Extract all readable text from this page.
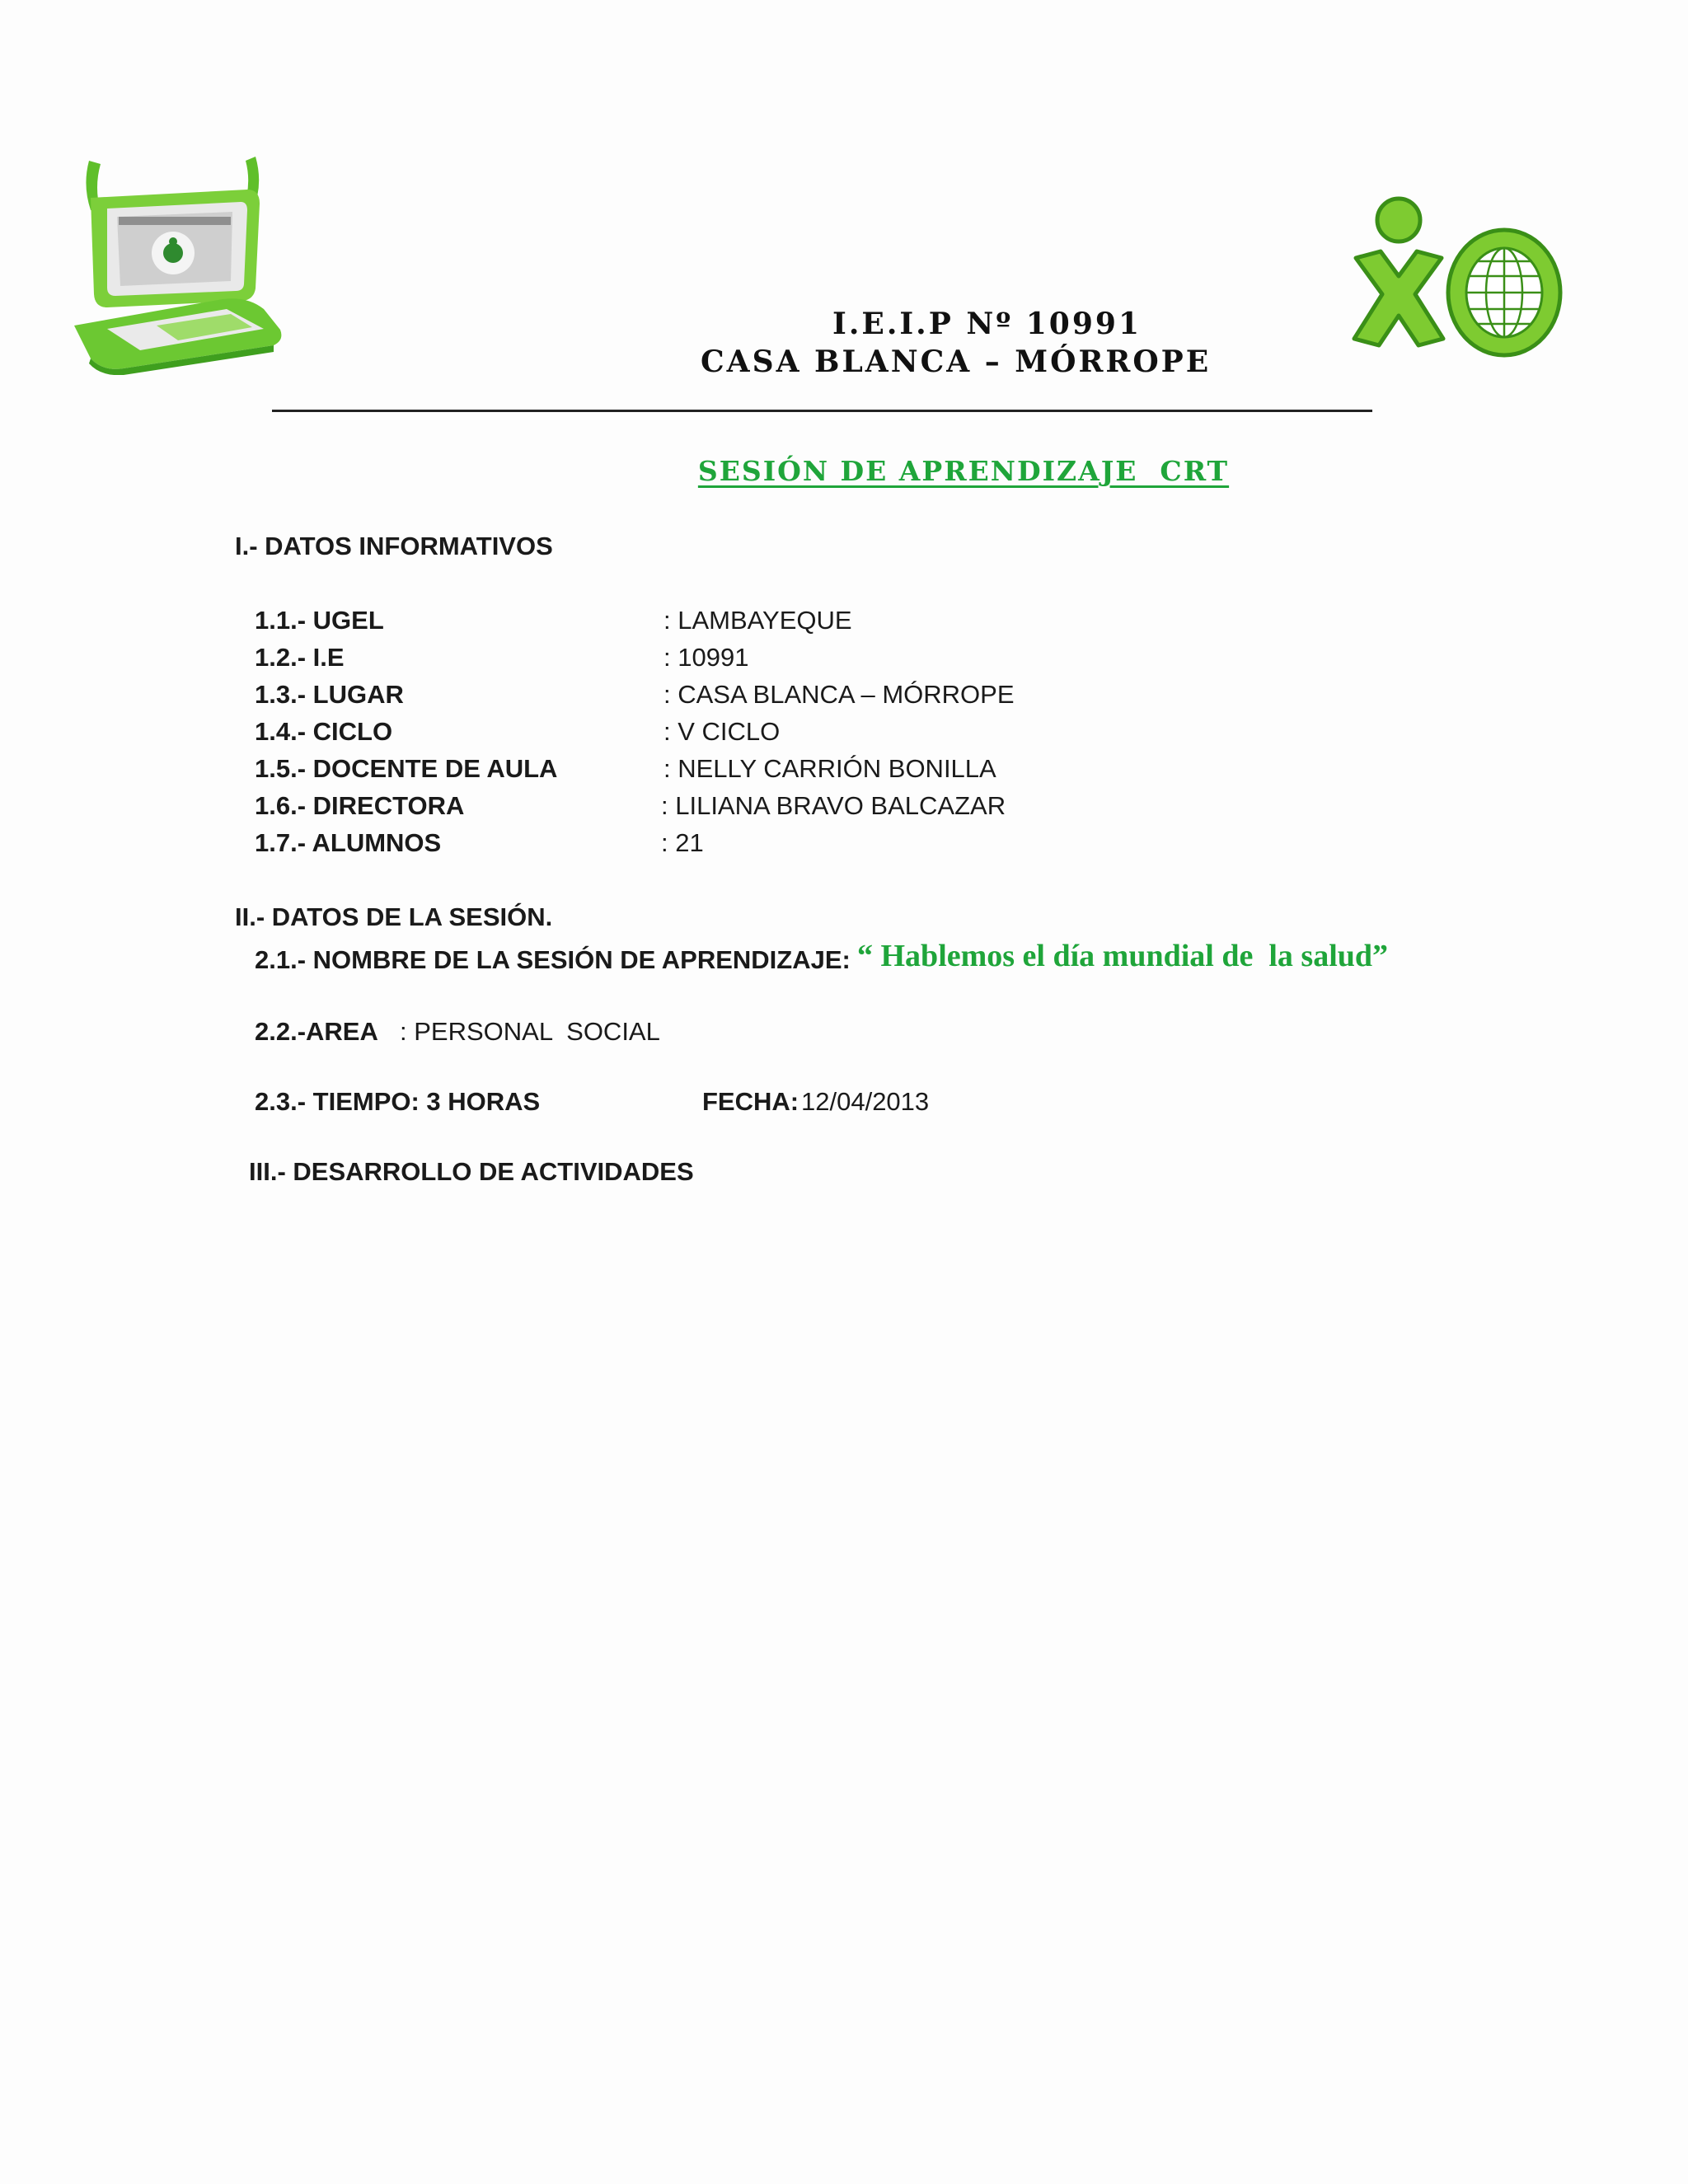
I.E.I.P Nº 10991
CASA BLANCA – MÓRROPE
SESIÓN DE APRENDIZAJE  CRT
I.- DATOS INFORMATIVOS
1.1.- UGEL	: LAMBAYEQUE
1.2.- I.E	: 10991
1.3.- LUGAR	: CASA BLANCA – MÓRROPE
1.4.- CICLO	: V CICLO
1.5.- DOCENTE DE AULA	: NELLY CARRIÓN BONILLA
1.6.- DIRECTORA	: LILIANA BRAVO BALCAZAR
1.7.- ALUMNOS	: 21
II.- DATOS DE LA SESIÓN.
2.1.- NOMBRE DE LA SESIÓN DE APRENDIZAJE: “ Hablemos el día mundial de  la salud”
2.2.-AREA : PERSONAL  SOCIAL
2.3.- TIEMPO: 3 HORAS	FECHA: 12/04/2013
III.- DESARROLLO DE ACTIVIDADES
